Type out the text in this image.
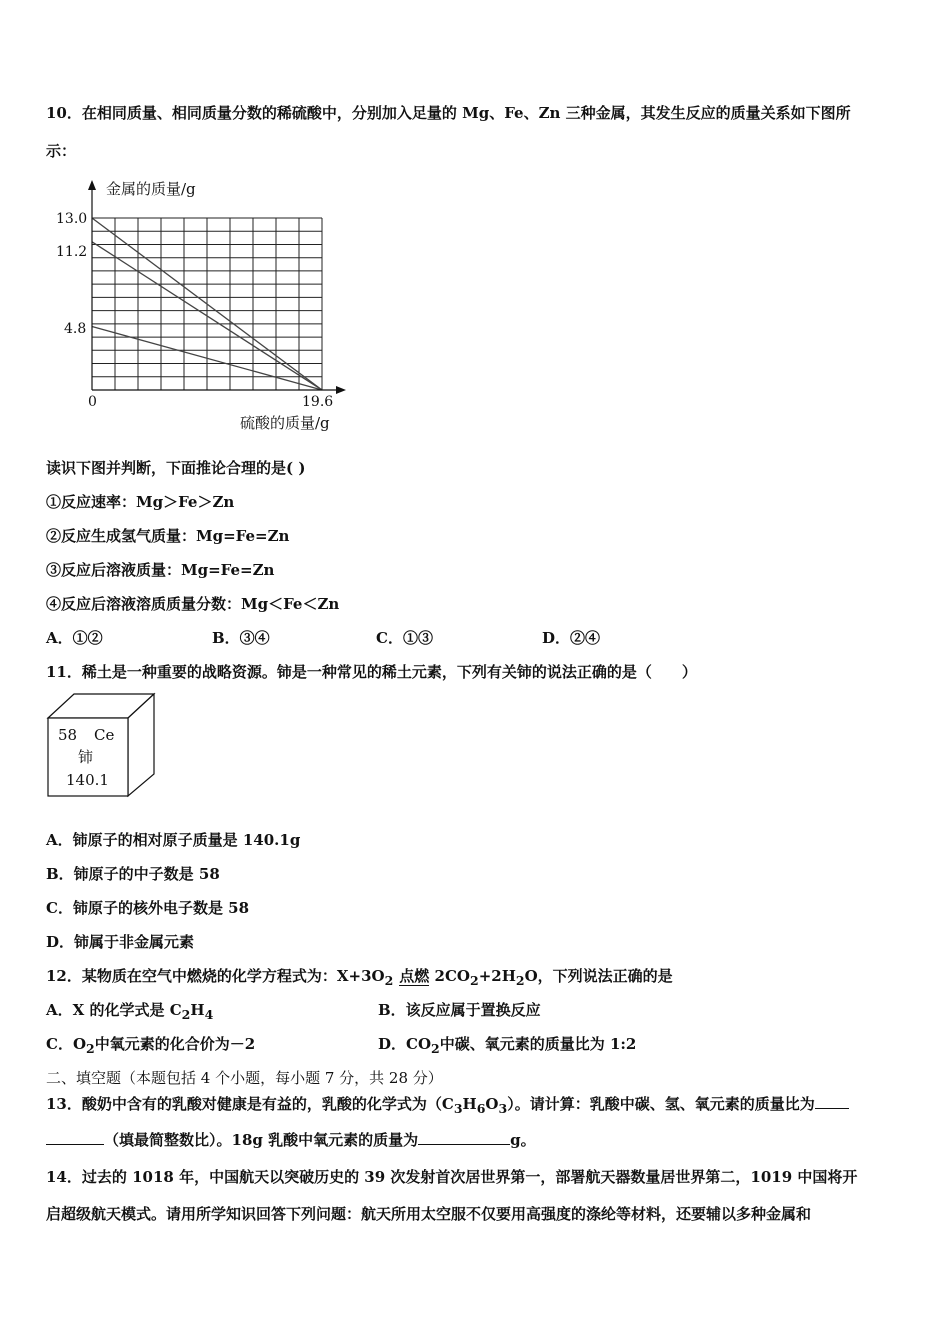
10．在相同质量、相同质量分数的稀硫酸中，分别加入足量的 Mg、Fe、Zn 三种金属，其发生反应的质量关系如下图所
示：
金属的质量/g
硫酸的质量/g
0	19.6
13.0
11.2
4.8
读识下图并判断，下面推论合理的是( )
①反应速率：Mg＞Fe＞Zn
②反应生成氢气质量：Mg=Fe=Zn
③反应后溶液质量：Mg=Fe=Zn
④反应后溶液溶质质量分数：Mg＜Fe＜Zn
A．①②	B．③④	C．①③	D．②④
11．稀土是一种重要的战略资源。铈是一种常见的稀土元素，下列有关铈的说法正确的是（　　）
58 Ce
铈
140.1
A．铈原子的相对原子质量是 140.1g
B．铈原子的中子数是 58
C．铈原子的核外电子数是 58
D．铈属于非金属元素
12．某物质在空气中燃烧的化学方程式为：$X+3O_2$ 点燃 $2CO_2+2H_2O$，下列说法正确的是
A．X 的化学式是 $C_2H_4$	B．该反应属于置换反应
C．$O_2$中氧元素的化合价为－2	D．$CO_2$中碳、氧元素的质量比为 1:2
二、填空题（本题包括 4 个小题，每小题 7 分，共 28 分）
13．酸奶中含有的乳酸对健康是有益的，乳酸的化学式为$(C_3H_6O_3)$。请计算：乳酸中碳、氢、氧元素的质量比为
（填最简整数比）。18g 乳酸中氧元素的质量为	g。
14．过去的 1018 年，中国航天以突破历史的 39 次发射首次居世界第一，部署航天器数量居世界第二，1019 中国将开
启超级航天模式。请用所学知识回答下列问题：航天所用太空服不仅要用高强度的涤纶等材料，还要辅以多种金属和
